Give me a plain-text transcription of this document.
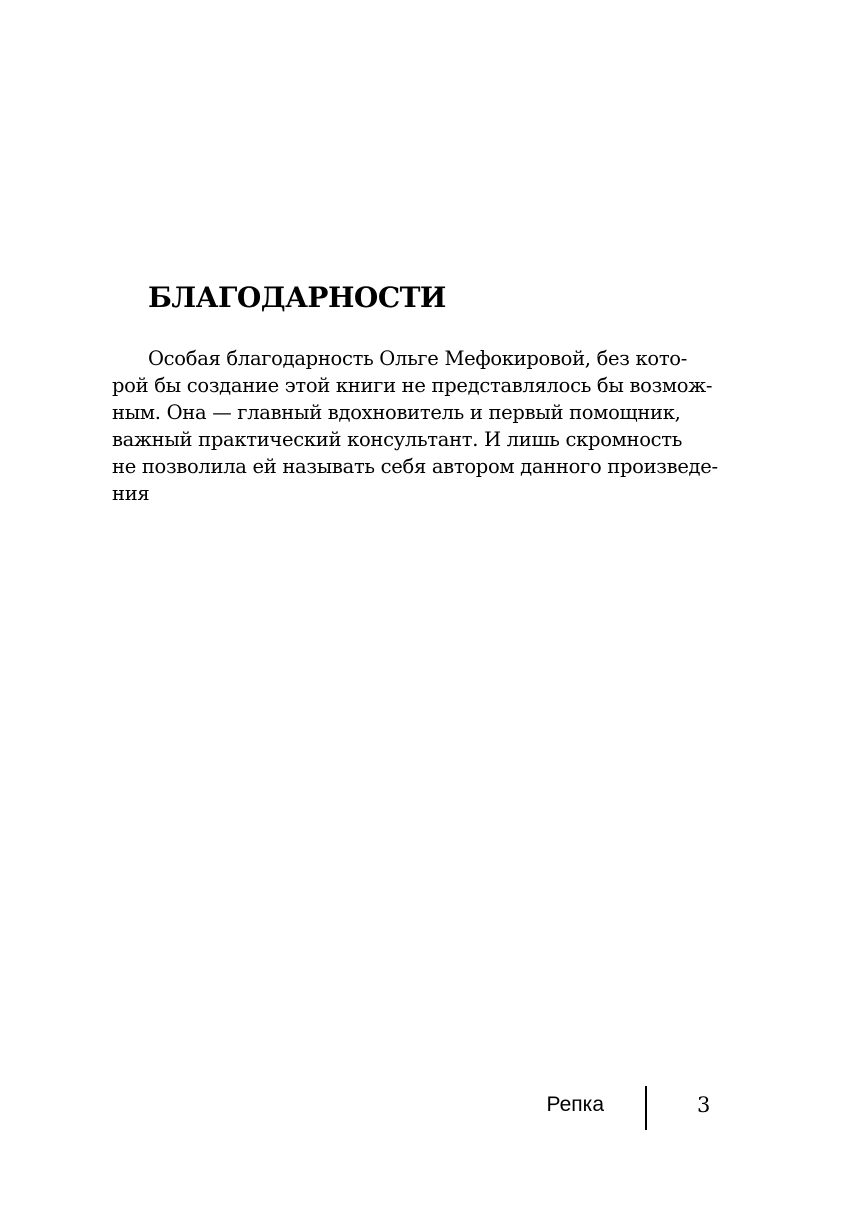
БЛАГОДАРНОСТИ

Особая благодарность Ольге Мефокировой, без кото-
рой бы создание этой книги не представлялось бы возмож-
ным. Она — главный вдохновитель и первый помощник,
важный практический консультант. И лишь скромность
не позволила ей называть себя автором данного произведе-
ния

Репка	3
